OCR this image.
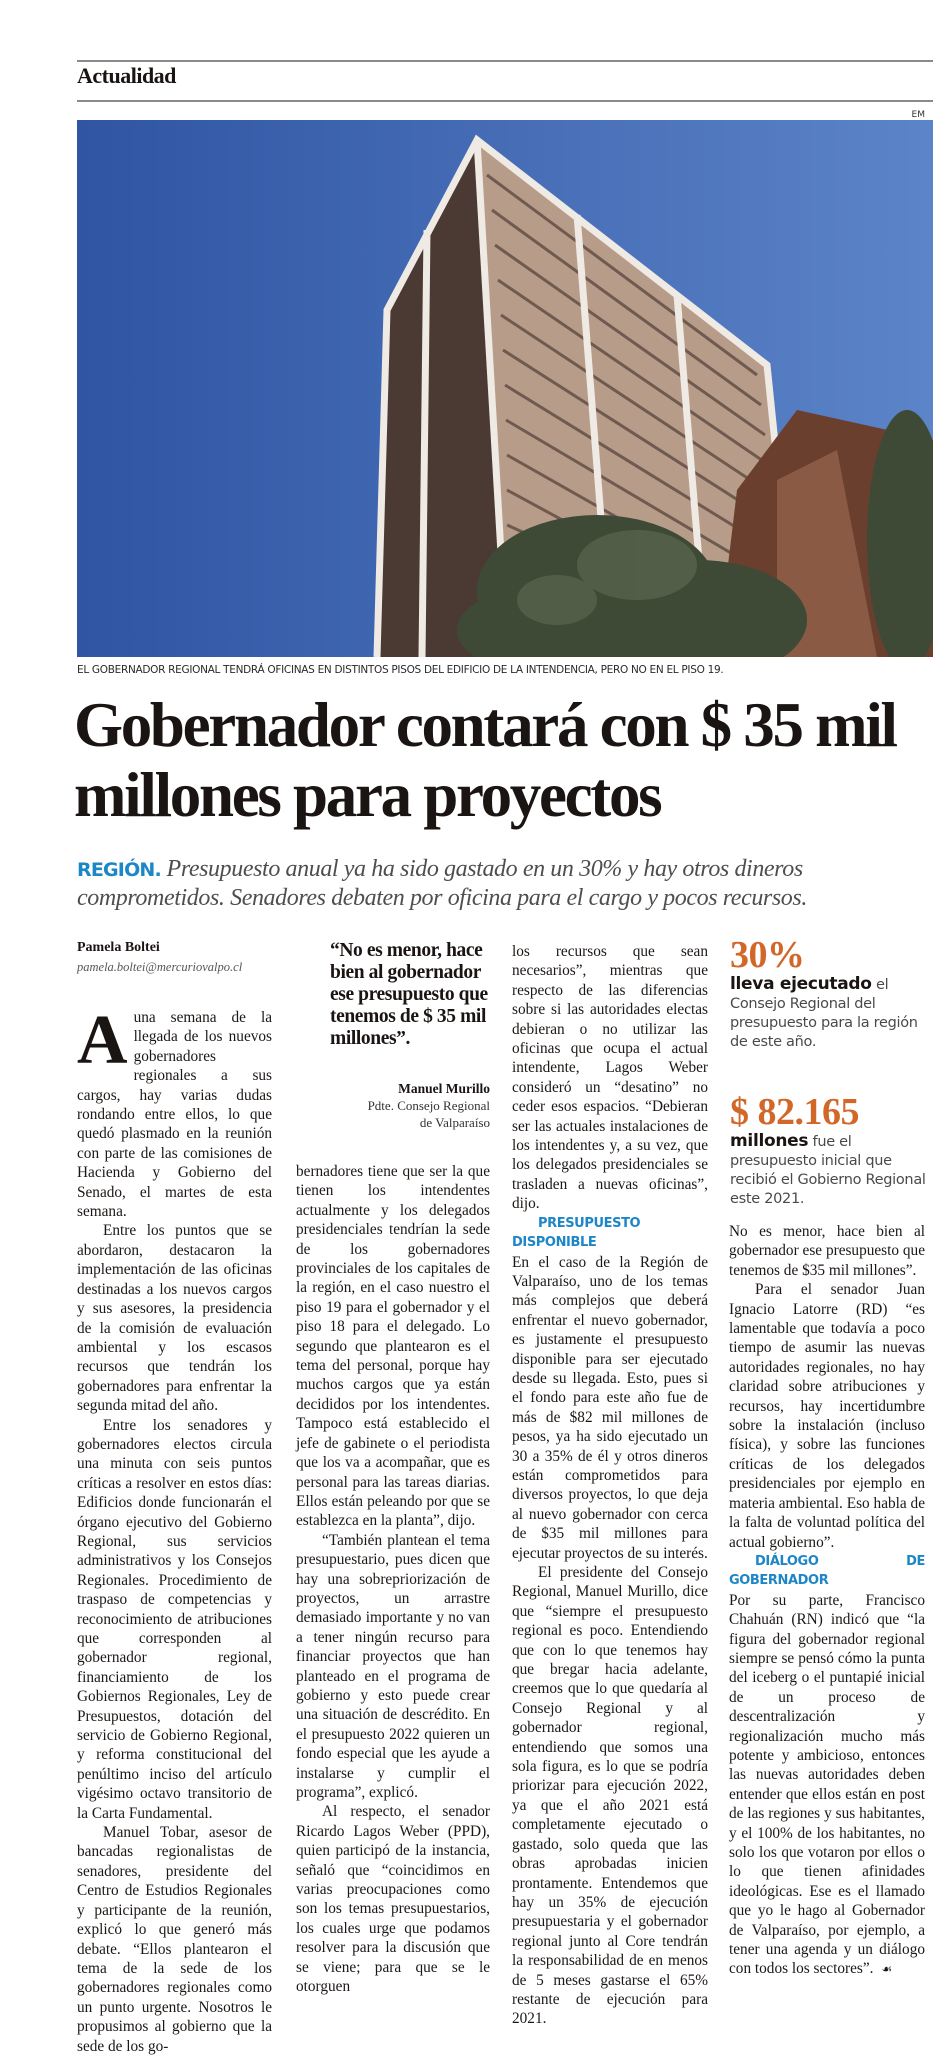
Actualidad
EM
EL GOBERNADOR REGIONAL TENDRÁ OFICINAS EN DISTINTOS PISOS DEL EDIFICIO DE LA INTENDENCIA, PERO NO EN EL PISO 19.
Gobernador contará con $ 35 mil millones para proyectos
REGIÓN. Presupuesto anual ya ha sido gastado en un 30% y hay otros dineros comprometidos. Senadores debaten por oficina para el cargo y pocos recursos.
Pamela Boltei
pamela.boltei@mercuriovalpo.cl

A una semana de la llegada de los nuevos gobernadores regionales a sus cargos, hay varias dudas rondando entre ellos, lo que quedó plasmado en la reunión con parte de las comisiones de Hacienda y Gobierno del Senado, el martes de esta semana.

Entre los puntos que se abordaron, destacaron la implementación de las oficinas destinadas a los nuevos cargos y sus asesores, la presidencia de la comisión de evaluación ambiental y los escasos recursos que tendrán los gobernadores para enfrentar la segunda mitad del año.

Entre los senadores y gobernadores electos circula una minuta con seis puntos críticas a resolver en estos días: Edificios donde funcionarán el órgano ejecutivo del Gobierno Regional, sus servicios administrativos y los Consejos Regionales. Procedimiento de traspaso de competencias y reconocimiento de atribuciones que corresponden al gobernador regional, financiamiento de los Gobiernos Regionales, Ley de Presupuestos, dotación del servicio de Gobierno Regional, y reforma constitucional del penúltimo inciso del artículo vigésimo octavo transitorio de la Carta Fundamental.

Manuel Tobar, asesor de bancadas regionalistas de senadores, presidente del Centro de Estudios Regionales y participante de la reunión, explicó lo que generó más debate. “Ellos plantearon el tema de la sede de los gobernadores regionales como un punto urgente. Nosotros le propusimos al gobierno que la sede de los go-

“No es menor, hace bien al gobernador ese presupuesto que tenemos de $ 35 mil millones”.
Manuel Murillo
Pdte. Consejo Regional
de Valparaíso

bernadores tiene que ser la que tienen los intendentes actualmente y los delegados presidenciales tendrían la sede de los gobernadores provinciales de los capitales de la región, en el caso nuestro el piso 19 para el gobernador y el piso 18 para el delegado. Lo segundo que plantearon es el tema del personal, porque hay muchos cargos que ya están decididos por los intendentes. Tampoco está establecido el jefe de gabinete o el periodista que los va a acompañar, que es personal para las tareas diarias. Ellos están peleando por que se establezca en la planta”, dijo.

“También plantean el tema presupuestario, pues dicen que hay una sobrepriorización de proyectos, un arrastre demasiado importante y no van a tener ningún recurso para financiar proyectos que han planteado en el programa de gobierno y esto puede crear una situación de descrédito. En el presupuesto 2022 quieren un fondo especial que les ayude a instalarse y cumplir el programa”, explicó.

Al respecto, el senador Ricardo Lagos Weber (PPD), quien participó de la instancia, señaló que “coincidimos en varias preocupaciones como son los temas presupuestarios, los cuales urge que podamos resolver para la discusión que se viene; para que se le otorguen

los recursos que sean necesarios”, mientras que respecto de las diferencias sobre si las autoridades electas debieran o no utilizar las oficinas que ocupa el actual intendente, Lagos Weber consideró un “desatino” no ceder esos espacios. “Debieran ser las actuales instalaciones de los intendentes y, a su vez, que los delegados presidenciales se trasladen a nuevas oficinas”, dijo.

PRESUPUESTO DISPONIBLE

En el caso de la Región de Valparaíso, uno de los temas más complejos que deberá enfrentar el nuevo gobernador, es justamente el presupuesto disponible para ser ejecutado desde su llegada. Esto, pues si el fondo para este año fue de más de $82 mil millones de pesos, ya ha sido ejecutado un 30 a 35% de él y otros dineros están comprometidos para diversos proyectos, lo que deja al nuevo gobernador con cerca de $35 mil millones para ejecutar proyectos de su interés.

El presidente del Consejo Regional, Manuel Murillo, dice que “siempre el presupuesto regional es poco. Entendiendo que con lo que tenemos hay que bregar hacia adelante, creemos que lo que quedaría al Consejo Regional y al gobernador regional, entendiendo que somos una sola figura, es lo que se podría priorizar para ejecución 2022, ya que el año 2021 está completamente ejecutado o gastado, solo queda que las obras aprobadas inicien prontamente. Entendemos que hay un 35% de ejecución presupuestaria y el gobernador regional junto al Core tendrán la responsabilidad de en menos de 5 meses gastarse el 65% restante de ejecución para 2021.

30%
lleva ejecutado el Consejo Regional del presupuesto para la región de este año.
$ 82.165
millones fue el presupuesto inicial que recibió el Gobierno Regional este 2021.

No es menor, hace bien al gobernador ese presupuesto que tenemos de $35 mil millones”.

Para el senador Juan Ignacio Latorre (RD) “es lamentable que todavía a poco tiempo de asumir las nuevas autoridades regionales, no hay claridad sobre atribuciones y recursos, hay incertidumbre sobre la instalación (incluso física), y sobre las funciones críticas de los delegados presidenciales por ejemplo en materia ambiental. Eso habla de la falta de voluntad política del actual gobierno”.

DIÁLOGO DE GOBERNADOR

Por su parte, Francisco Chahuán (RN) indicó que “la figura del gobernador regional siempre se pensó cómo la punta del iceberg o el puntapié inicial de un proceso de descentralización y regionalización mucho más potente y ambicioso, entonces las nuevas autoridades deben entender que ellos están en post de las regiones y sus habitantes, y el 100% de los habitantes, no solo los que votaron por ellos o lo que tienen afinidades ideológicas. Ese es el llamado que yo le hago al Gobernador de Valparaíso, por ejemplo, a tener una agenda y un diálogo con todos los sectores”. ☙
